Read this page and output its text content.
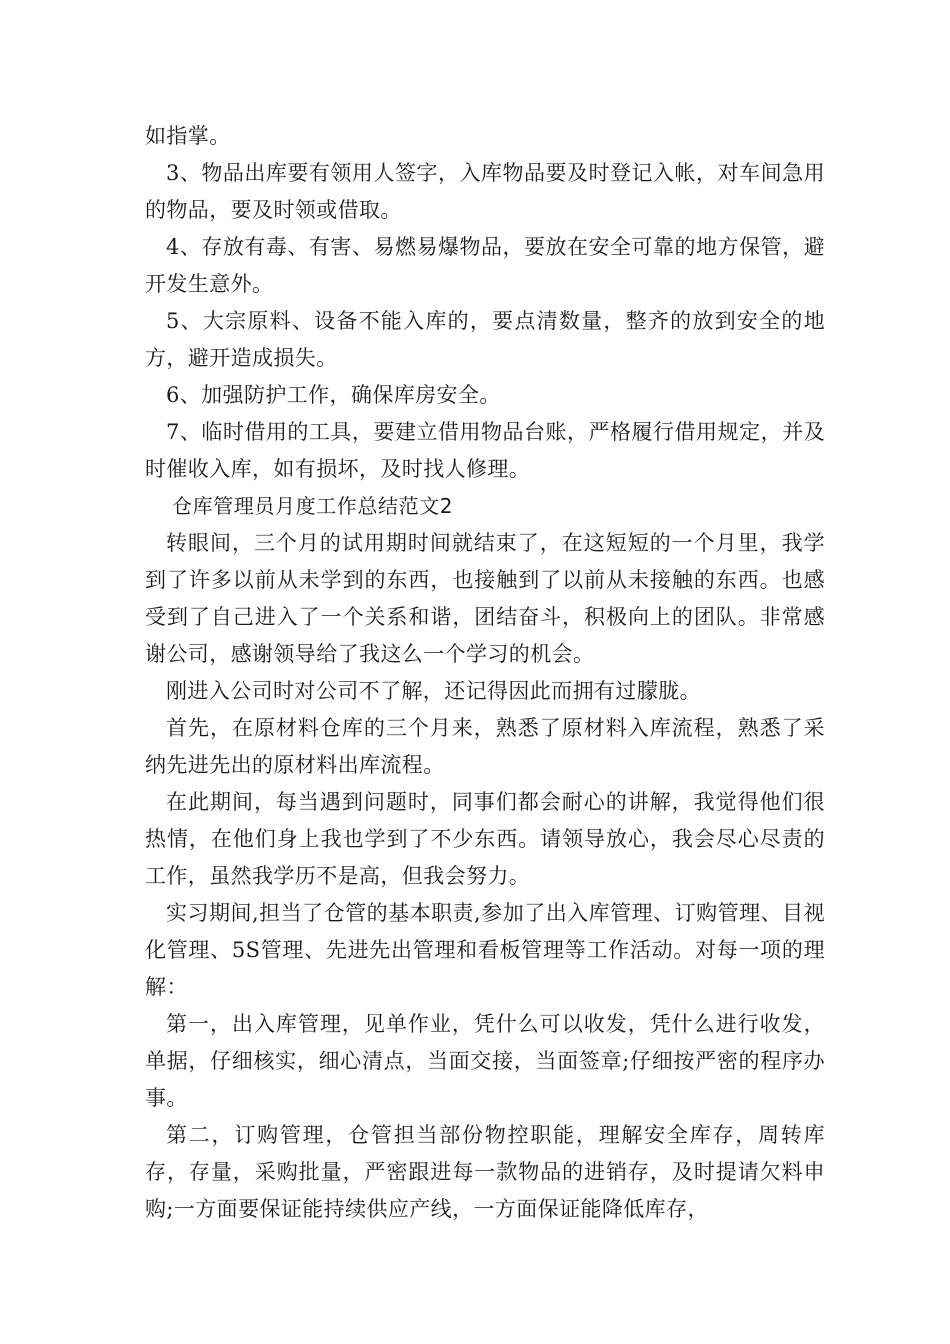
如指掌。

3、物品出库要有领用人签字，入库物品要及时登记入帐，对车间急用的物品，要及时领或借取。

4、存放有毒、有害、易燃易爆物品，要放在安全可靠的地方保管，避开发生意外。

5、大宗原料、设备不能入库的，要点清数量，整齐的放到安全的地方，避开造成损失。

6、加强防护工作，确保库房安全。

7、临时借用的工具，要建立借用物品台账，严格履行借用规定，并及时催收入库，如有损坏，及时找人修理。

仓库管理员月度工作总结范文2

转眼间，三个月的试用期时间就结束了，在这短短的一个月里，我学到了许多以前从未学到的东西，也接触到了以前从未接触的东西。也感受到了自己进入了一个关系和谐，团结奋斗，积极向上的团队。非常感谢公司，感谢领导给了我这么一个学习的机会。

刚进入公司时对公司不了解，还记得因此而拥有过朦胧。

首先，在原材料仓库的三个月来，熟悉了原材料入库流程，熟悉了采纳先进先出的原材料出库流程。

在此期间，每当遇到问题时，同事们都会耐心的讲解，我觉得他们很热情，在他们身上我也学到了不少东西。请领导放心，我会尽心尽责的工作，虽然我学历不是高，但我会努力。

实习期间,担当了仓管的基本职责,参加了出入库管理、订购管理、目视化管理、5S管理、先进先出管理和看板管理等工作活动。对每一项的理解：

第一，出入库管理，见单作业，凭什么可以收发，凭什么进行收发，单据，仔细核实，细心清点，当面交接，当面签章;仔细按严密的程序办事。

第二，订购管理，仓管担当部份物控职能，理解安全库存，周转库存，存量，采购批量，严密跟进每一款物品的进销存，及时提请欠料申购;一方面要保证能持续供应产线，一方面保证能降低库存，
